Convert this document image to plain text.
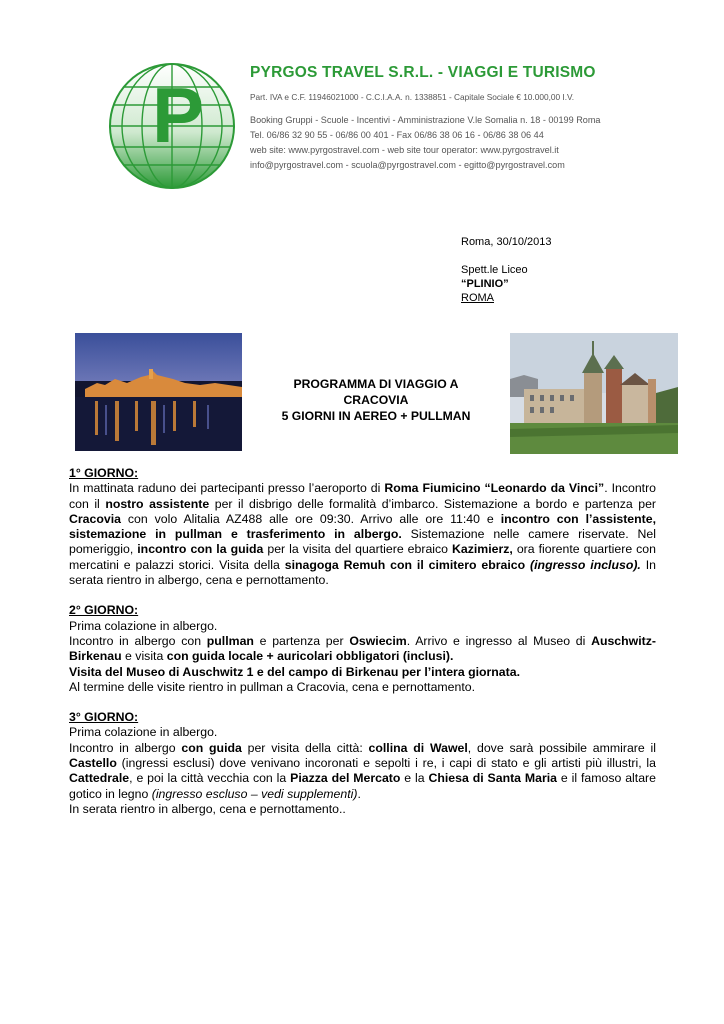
P	PYRGOS TRAVEL S.R.L. - VIAGGI E TURISMO
Part. IVA e C.F. 11946021000 - C.C.I.A.A. n. 1338851 - Capitale Sociale € 10.000,00 I.V.
Booking Gruppi - Scuole - Incentivi - Amministrazione V.le Somalia n. 18 - 00199 Roma
Tel. 06/86 32 90 55 - 06/86 00 401 - Fax 06/86 38 06 16 - 06/86 38 06 44
web site: www.pyrgostravel.com - web site tour operator: www.pyrgostravel.it
info@pyrgostravel.com - scuola@pyrgostravel.com - egitto@pyrgostravel.com
Roma, 30/10/2013
Spett.le Liceo
“PLINIO”
ROMA
PROGRAMMA DI VIAGGIO A
CRACOVIA
5 GIORNI IN AEREO + PULLMAN

1° GIORNO:

In mattinata raduno dei partecipanti presso l’aeroporto di Roma Fiumicino “Leonardo da Vinci”. Incontro con il nostro assistente per il disbrigo delle formalità d’imbarco. Sistemazione a bordo e partenza per Cracovia con volo Alitalia AZ488 alle ore 09:30. Arrivo alle ore 11:40 e incontro con l’assistente, sistemazione in pullman e trasferimento in albergo. Sistemazione nelle camere riservate. Nel pomeriggio, incontro con la guida per la visita del quartiere ebraico Kazimierz, ora fiorente quartiere con mercatini e palazzi storici. Visita della sinagoga Remuh con il cimitero ebraico (ingresso incluso). In serata rientro in albergo, cena e pernottamento.

2° GIORNO:

Prima colazione in albergo.
Incontro in albergo con pullman e partenza per Oswiecim. Arrivo e ingresso al Museo di Auschwitz-Birkenau e visita con guida locale + auricolari obbligatori (inclusi).
Visita del Museo di Auschwitz 1 e del campo di Birkenau per l’intera giornata.
Al termine delle visite rientro in pullman a Cracovia, cena e pernottamento.

3° GIORNO:

Prima colazione in albergo.
Incontro in albergo con guida per visita della città: collina di Wawel, dove sarà possibile ammirare il Castello (ingressi esclusi) dove venivano incoronati e sepolti i re, i capi di stato e gli artisti più illustri, la Cattedrale, e poi la città vecchia con la Piazza del Mercato e la Chiesa di Santa Maria e il famoso altare gotico in legno (ingresso escluso – vedi supplementi).
In serata rientro in albergo, cena e pernottamento..
